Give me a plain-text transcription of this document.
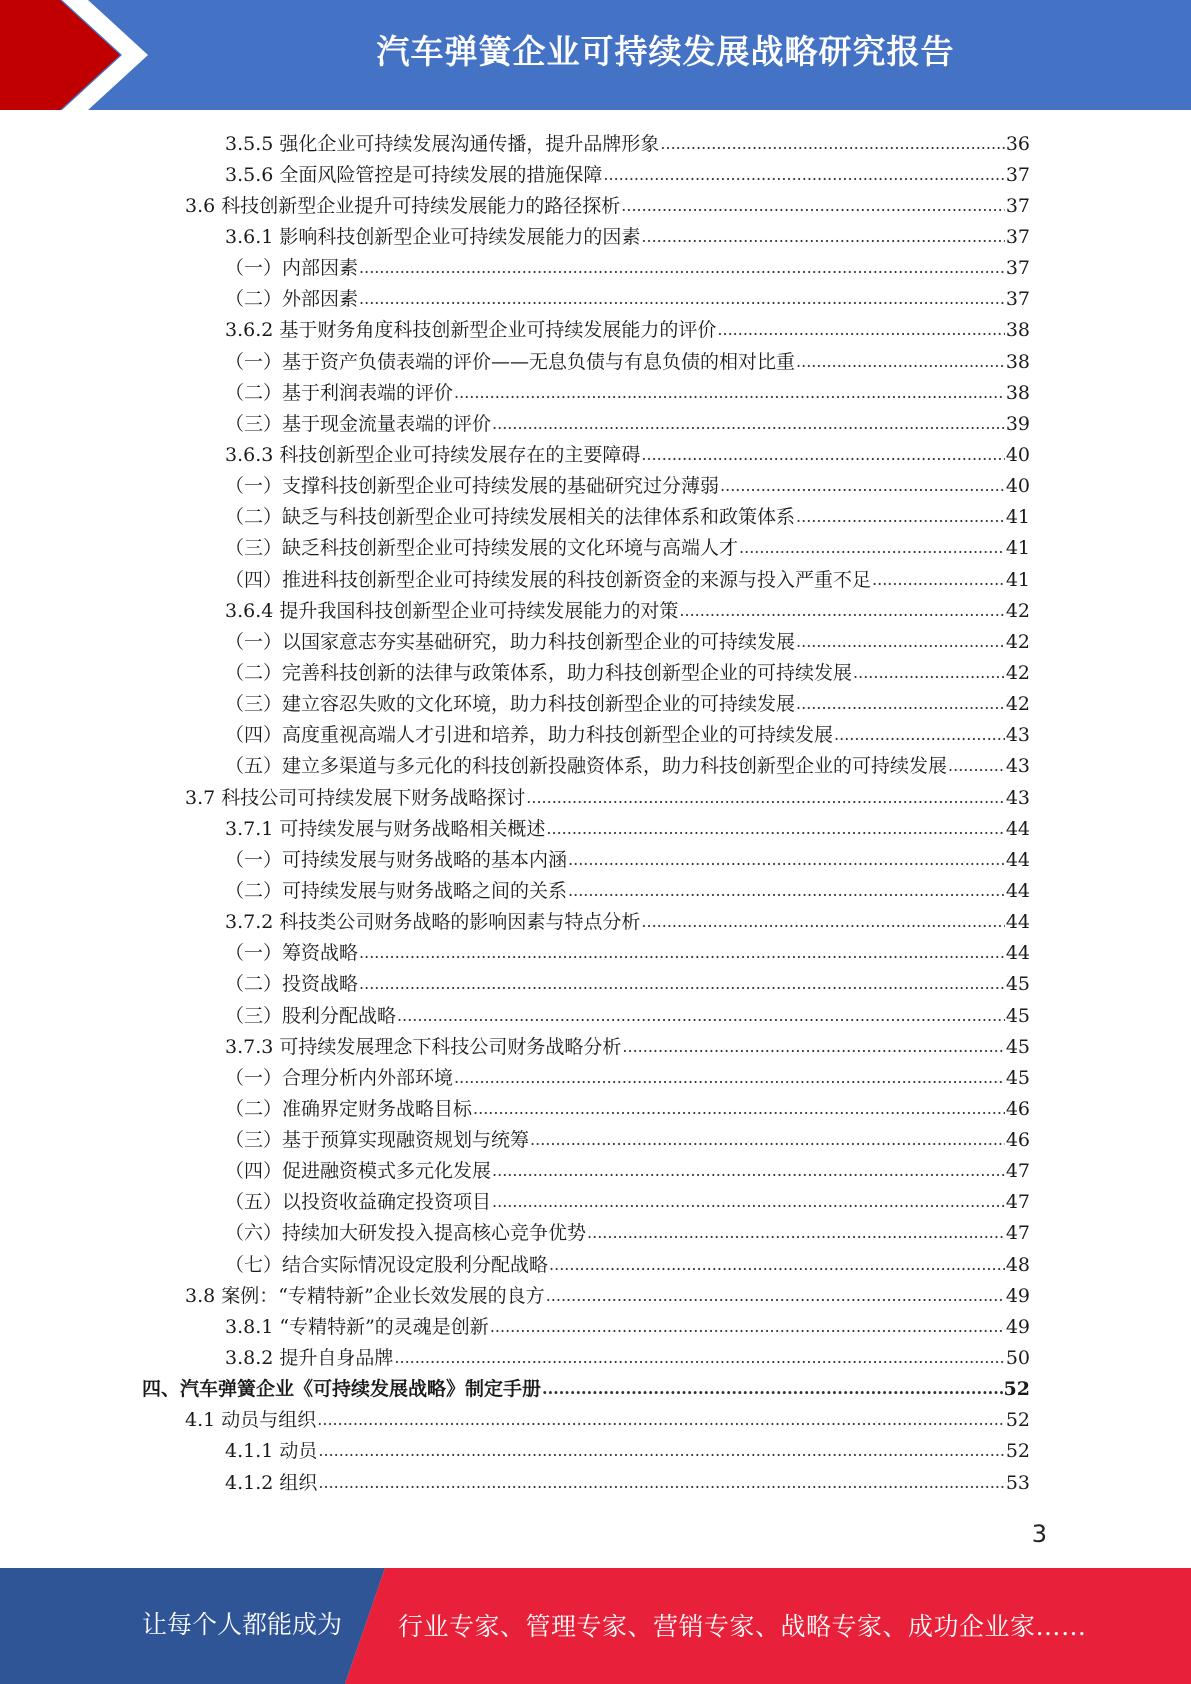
汽车弹簧企业可持续发展战略研究报告
3.5.5 强化企业可持续发展沟通传播，提升品牌形象 .....	36
3.5.6 全面风险管控是可持续发展的措施保障 .....	37
3.6 科技创新型企业提升可持续发展能力的路径探析 .....	37
3.6.1 影响科技创新型企业可持续发展能力的因素 .....	37
（一）内部因素 .....	37
（二）外部因素 .....	37
3.6.2 基于财务角度科技创新型企业可持续发展能力的评价 .....	38
（一）基于资产负债表端的评价——无息负债与有息负债的相对比重 .....	38
（二）基于利润表端的评价 .....	38
（三）基于现金流量表端的评价 .....	39
3.6.3 科技创新型企业可持续发展存在的主要障碍 .....	40
（一）支撑科技创新型企业可持续发展的基础研究过分薄弱 .....	40
（二）缺乏与科技创新型企业可持续发展相关的法律体系和政策体系 .....	41
（三）缺乏科技创新型企业可持续发展的文化环境与高端人才 .....	41
（四）推进科技创新型企业可持续发展的科技创新资金的来源与投入严重不足 .....	41
3.6.4 提升我国科技创新型企业可持续发展能力的对策 .....	42
（一）以国家意志夯实基础研究，助力科技创新型企业的可持续发展 .....	42
（二）完善科技创新的法律与政策体系，助力科技创新型企业的可持续发展 .....	42
（三）建立容忍失败的文化环境，助力科技创新型企业的可持续发展 .....	42
（四）高度重视高端人才引进和培养，助力科技创新型企业的可持续发展 .....	43
（五）建立多渠道与多元化的科技创新投融资体系，助力科技创新型企业的可持续发展 .....	43
3.7 科技公司可持续发展下财务战略探讨 .....	43
3.7.1 可持续发展与财务战略相关概述 .....	44
（一）可持续发展与财务战略的基本内涵 .....	44
（二）可持续发展与财务战略之间的关系 .....	44
3.7.2 科技类公司财务战略的影响因素与特点分析 .....	44
（一）筹资战略 .....	44
（二）投资战略 .....	45
（三）股利分配战略 .....	45
3.7.3 可持续发展理念下科技公司财务战略分析 .....	45
（一）合理分析内外部环境 .....	45
（二）准确界定财务战略目标 .....	46
（三）基于预算实现融资规划与统筹 .....	46
（四）促进融资模式多元化发展 .....	47
（五）以投资收益确定投资项目 .....	47
（六）持续加大研发投入提高核心竞争优势 .....	47
（七）结合实际情况设定股利分配战略 .....	48
3.8 案例：“专精特新”企业长效发展的良方 .....	49
3.8.1 “专精特新”的灵魂是创新 .....	49
3.8.2 提升自身品牌 .....	50
四、汽车弹簧企业《可持续发展战略》制定手册 .....	52
4.1 动员与组织 .....	52
4.1.1 动员 .....	52
4.1.2 组织 .....	53
3
让每个人都能成为 行业专家、管理专家、营销专家、战略专家、成功企业家……
